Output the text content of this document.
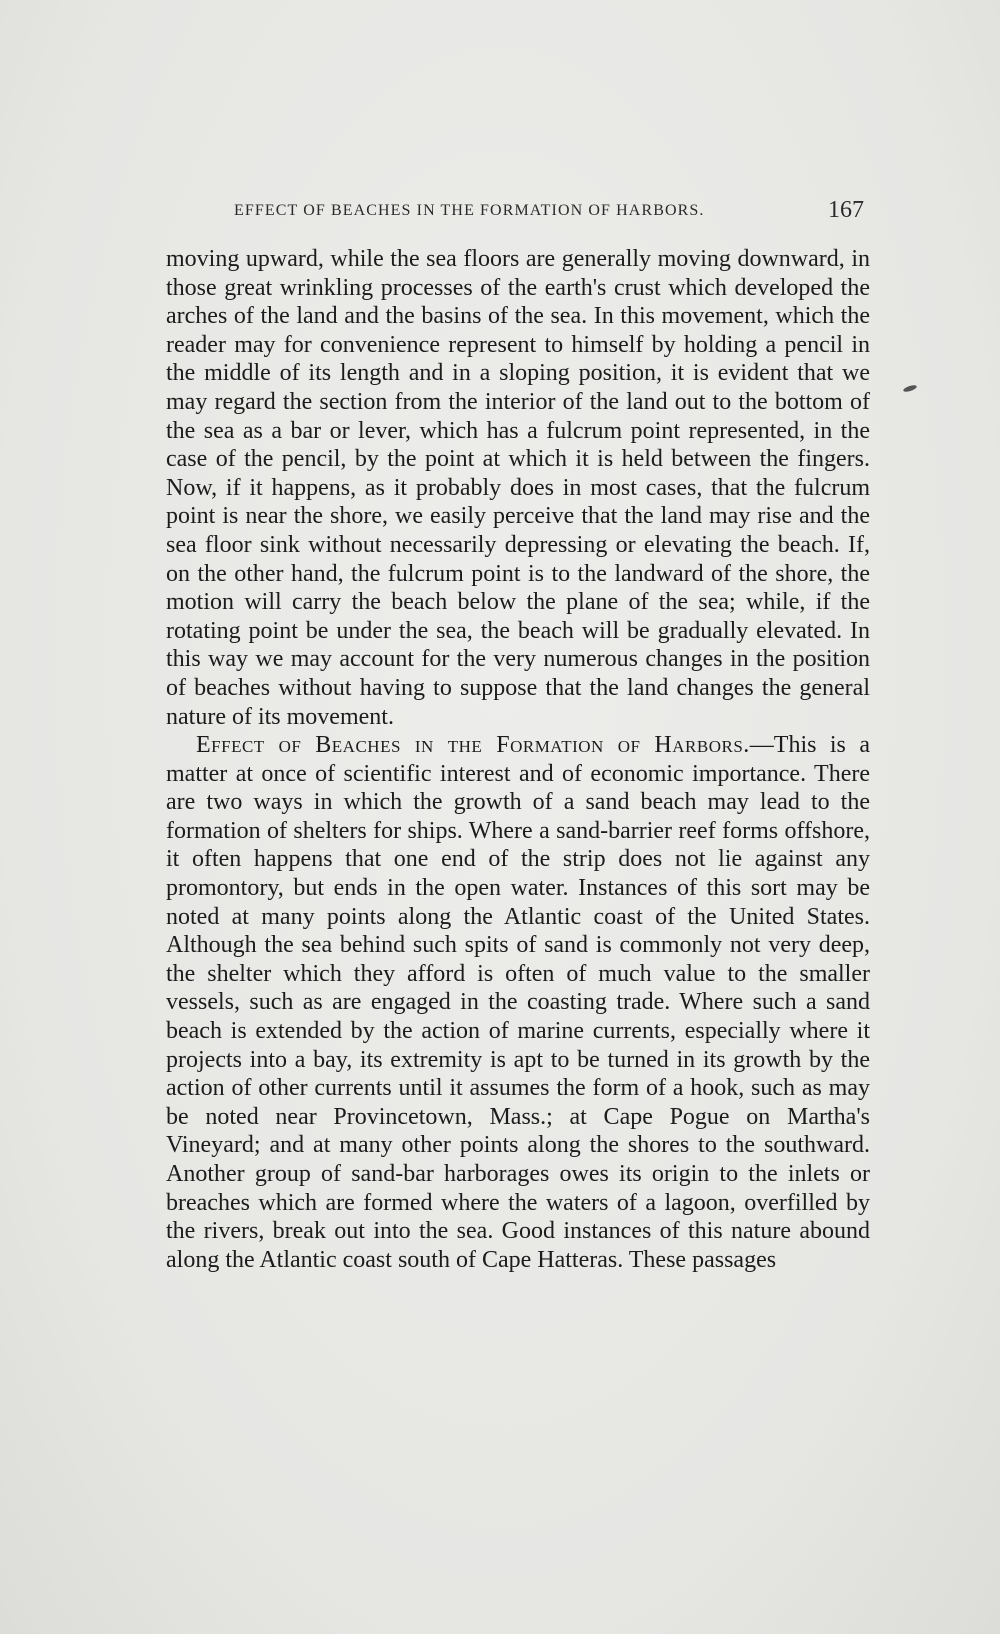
EFFECT OF BEACHES IN THE FORMATION OF HARBORS.	167

moving upward, while the sea floors are generally moving downward, in those great wrinkling processes of the earth's crust which developed the arches of the land and the basins of the sea. In this movement, which the reader may for convenience represent to himself by holding a pencil in the middle of its length and in a sloping position, it is evident that we may regard the section from the interior of the land out to the bottom of the sea as a bar or lever, which has a fulcrum point represented, in the case of the pencil, by the point at which it is held between the fingers. Now, if it happens, as it probably does in most cases, that the fulcrum point is near the shore, we easily perceive that the land may rise and the sea floor sink without necessarily depressing or elevating the beach. If, on the other hand, the fulcrum point is to the landward of the shore, the motion will carry the beach below the plane of the sea; while, if the rotating point be under the sea, the beach will be gradually elevated. In this way we may account for the very numerous changes in the position of beaches without having to suppose that the land changes the general nature of its movement.

Effect of Beaches in the Formation of Harbors.—This is a matter at once of scientific interest and of economic importance. There are two ways in which the growth of a sand beach may lead to the formation of shelters for ships. Where a sand-barrier reef forms offshore, it often happens that one end of the strip does not lie against any promontory, but ends in the open water. Instances of this sort may be noted at many points along the Atlantic coast of the United States. Although the sea behind such spits of sand is commonly not very deep, the shelter which they afford is often of much value to the smaller vessels, such as are engaged in the coasting trade. Where such a sand beach is extended by the action of marine currents, especially where it projects into a bay, its extremity is apt to be turned in its growth by the action of other currents until it assumes the form of a hook, such as may be noted near Provincetown, Mass.; at Cape Pogue on Martha's Vineyard; and at many other points along the shores to the southward. Another group of sand-bar harborages owes its origin to the inlets or breaches which are formed where the waters of a lagoon, overfilled by the rivers, break out into the sea. Good instances of this nature abound along the Atlantic coast south of Cape Hatteras. These passages
